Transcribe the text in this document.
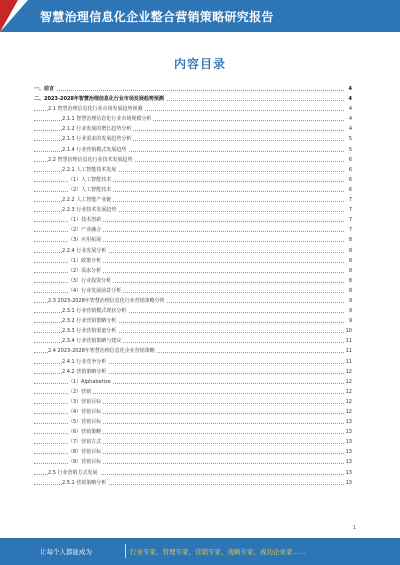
智慧治理信息化企业整合营销策略研究报告
内容目录
一、前言	4
二、2023-2028年智慧治理信息化行业市场发展趋势预测	4
2.1 智慧治理信息化行业市场发展趋势预测	4
2.1.1 智慧治理信息化行业市场规模分析	4
2.1.2 行业发展的增长趋势分析	4
2.1.3 行业需求的发展趋势分析	5
2.1.4 行业营销模式发展趋势	5
2.2 智慧治理信息化行业技术发展趋势	6
2.2.1 人工智能技术发展	6
（1）人工智能技术	6
（2）人工智能技术	6
2.2.2 人工智能产业链	7
2.2.3 行业技术发展趋势	7
（1）技术创新	7
（2）产业融合	7
（3）应用拓展	8
2.2.4 行业发展分析	8
（1）政策分析	8
（2）需求分析	8
（3）行业投资分析	8
（4）行业发展前景分析	8
2.3 2023-2028年智慧治理信息化行业营销策略分析	9
2.3.1 行业营销模式现状分析	9
2.3.2 行业营销策略分析	9
2.3.3 行业营销渠道分析	10
2.3.4 行业营销策略与建议	11
2.4 2023-2028年智慧治理信息化企业营销策略	11
2.4.1 行业竞争分析	11
2.4.2 营销策略分析	12
（1）Alphabetize	12
（2）营销	12
（3）营销目标	12
（4）营销目标	12
（5）营销目标	13
（6）营销策略	13
（7）营销方式	13
（8）营销目标	13
（9）营销目标	13
2.5 行业营销方式发展	13
2.5.1 营销策略分析	13
1
让每个人都能成为	行业专家、管理专家、营销专家、战略专家、成功企业家……
